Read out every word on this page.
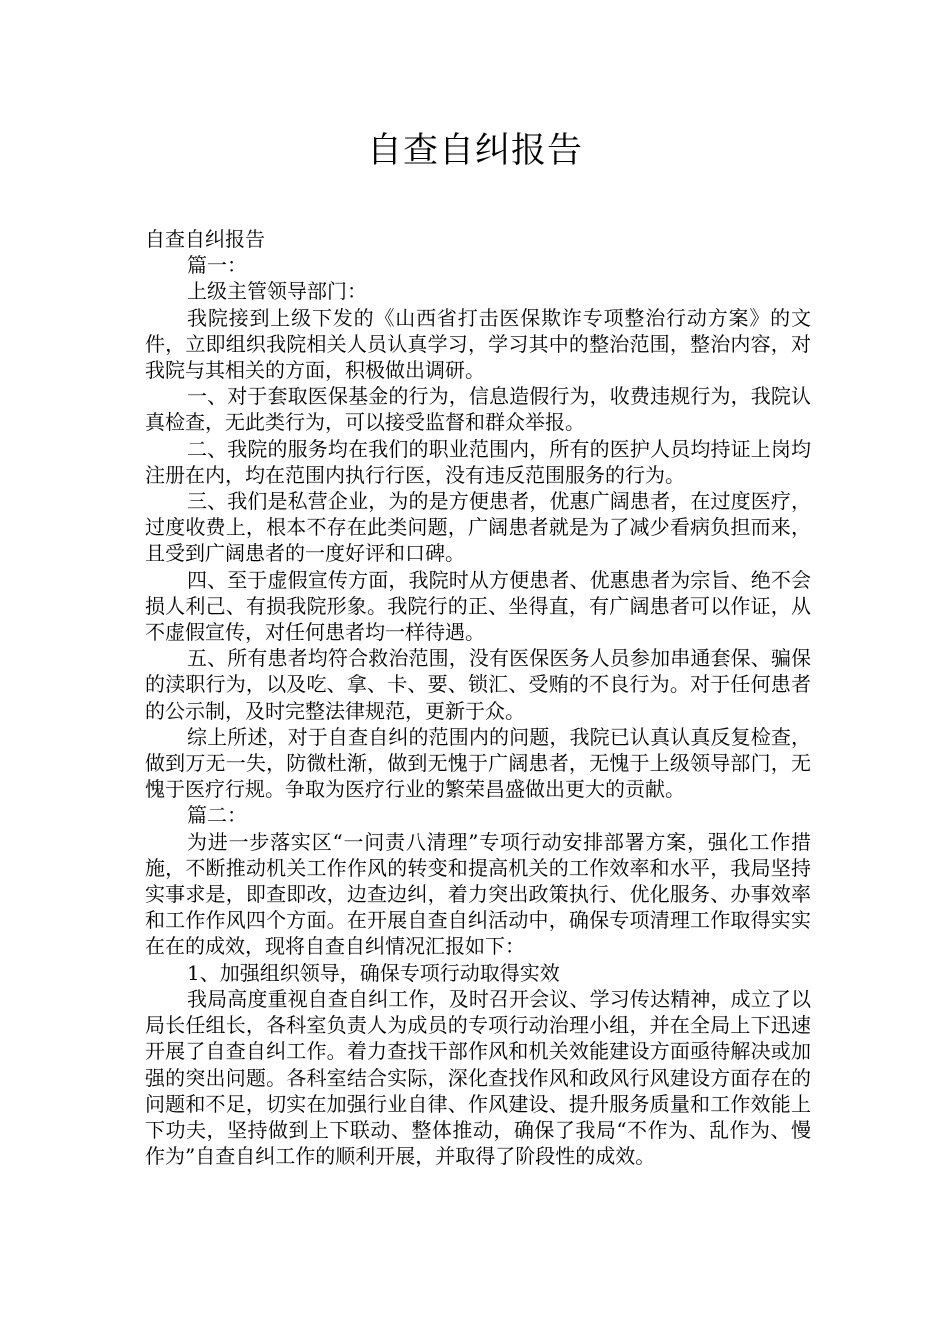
自查自纠报告

自查自纠报告

篇一：

上级主管领导部门：

我院接到上级下发的《山西省打击医保欺诈专项整治行动方案》的文件，立即组织我院相关人员认真学习，学习其中的整治范围，整治内容，对我院与其相关的方面，积极做出调研。

一、对于套取医保基金的行为，信息造假行为，收费违规行为，我院认真检查，无此类行为，可以接受监督和群众举报。

二、我院的服务均在我们的职业范围内，所有的医护人员均持证上岗均注册在内，均在范围内执行行医，没有违反范围服务的行为。

三、我们是私营企业，为的是方便患者，优惠广阔患者，在过度医疗，过度收费上，根本不存在此类问题，广阔患者就是为了减少看病负担而来，且受到广阔患者的一度好评和口碑。

四、至于虚假宣传方面，我院时从方便患者、优惠患者为宗旨、绝不会损人利己、有损我院形象。我院行的正、坐得直，有广阔患者可以作证，从不虚假宣传，对任何患者均一样待遇。

五、所有患者均符合救治范围，没有医保医务人员参加串通套保、骗保的渎职行为，以及吃、拿、卡、要、锁汇、受贿的不良行为。对于任何患者的公示制，及时完整法律规范，更新于众。

综上所述，对于自查自纠的范围内的问题，我院已认真认真反复检查，做到万无一失，防微杜渐，做到无愧于广阔患者，无愧于上级领导部门，无愧于医疗行规。争取为医疗行业的繁荣昌盛做出更大的贡献。

篇二：

为进一步落实区“一问责八清理”专项行动安排部署方案，强化工作措施，不断推动机关工作作风的转变和提高机关的工作效率和水平，我局坚持实事求是，即查即改，边查边纠，着力突出政策执行、优化服务、办事效率和工作作风四个方面。在开展自查自纠活动中，确保专项清理工作取得实实在在的成效，现将自查自纠情况汇报如下：

1、加强组织领导，确保专项行动取得实效

我局高度重视自查自纠工作，及时召开会议、学习传达精神，成立了以局长任组长，各科室负责人为成员的专项行动治理小组，并在全局上下迅速开展了自查自纠工作。着力查找干部作风和机关效能建设方面亟待解决或加强的突出问题。各科室结合实际，深化查找作风和政风行风建设方面存在的问题和不足，切实在加强行业自律、作风建设、提升服务质量和工作效能上下功夫，坚持做到上下联动、整体推动，确保了我局“不作为、乱作为、慢作为”自查自纠工作的顺利开展，并取得了阶段性的成效。
